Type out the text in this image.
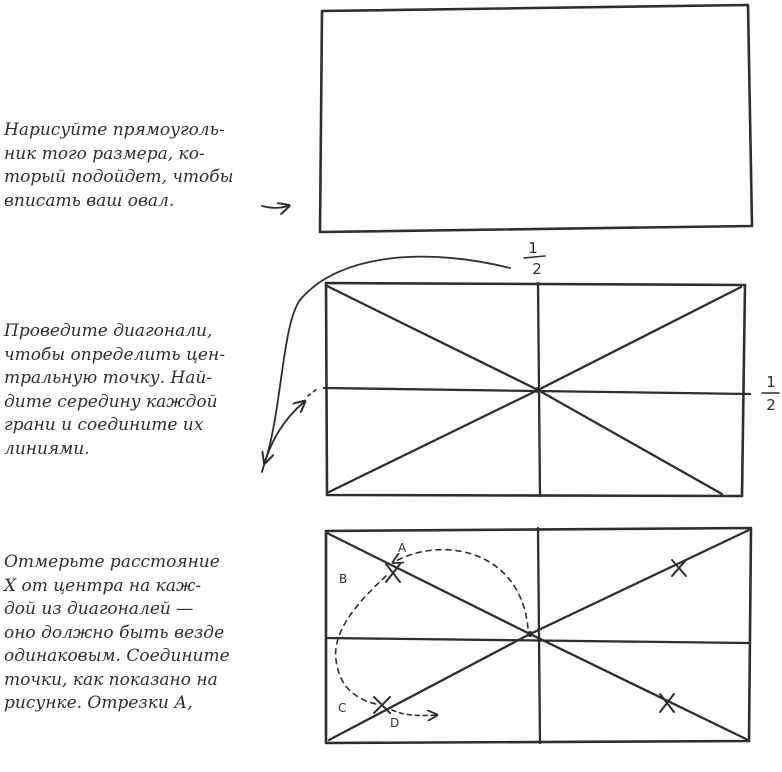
Нарисуйте прямоуголь-
ник того размера, ко-
торый подойдет, чтобы
вписать ваш овал.
Проведите диагонали,
чтобы определить цен-
тральную точку. Най-
дите середину каждой
грани и соедините их
линиями.
Отмерьте расстояние
X от центра на каж-
дой из диагоналей —
оно должно быть везде
одинаковым. Соедините
точки, как показано на
рисунке. Отрезки А,
1
2
1
2
A
B
C
D
